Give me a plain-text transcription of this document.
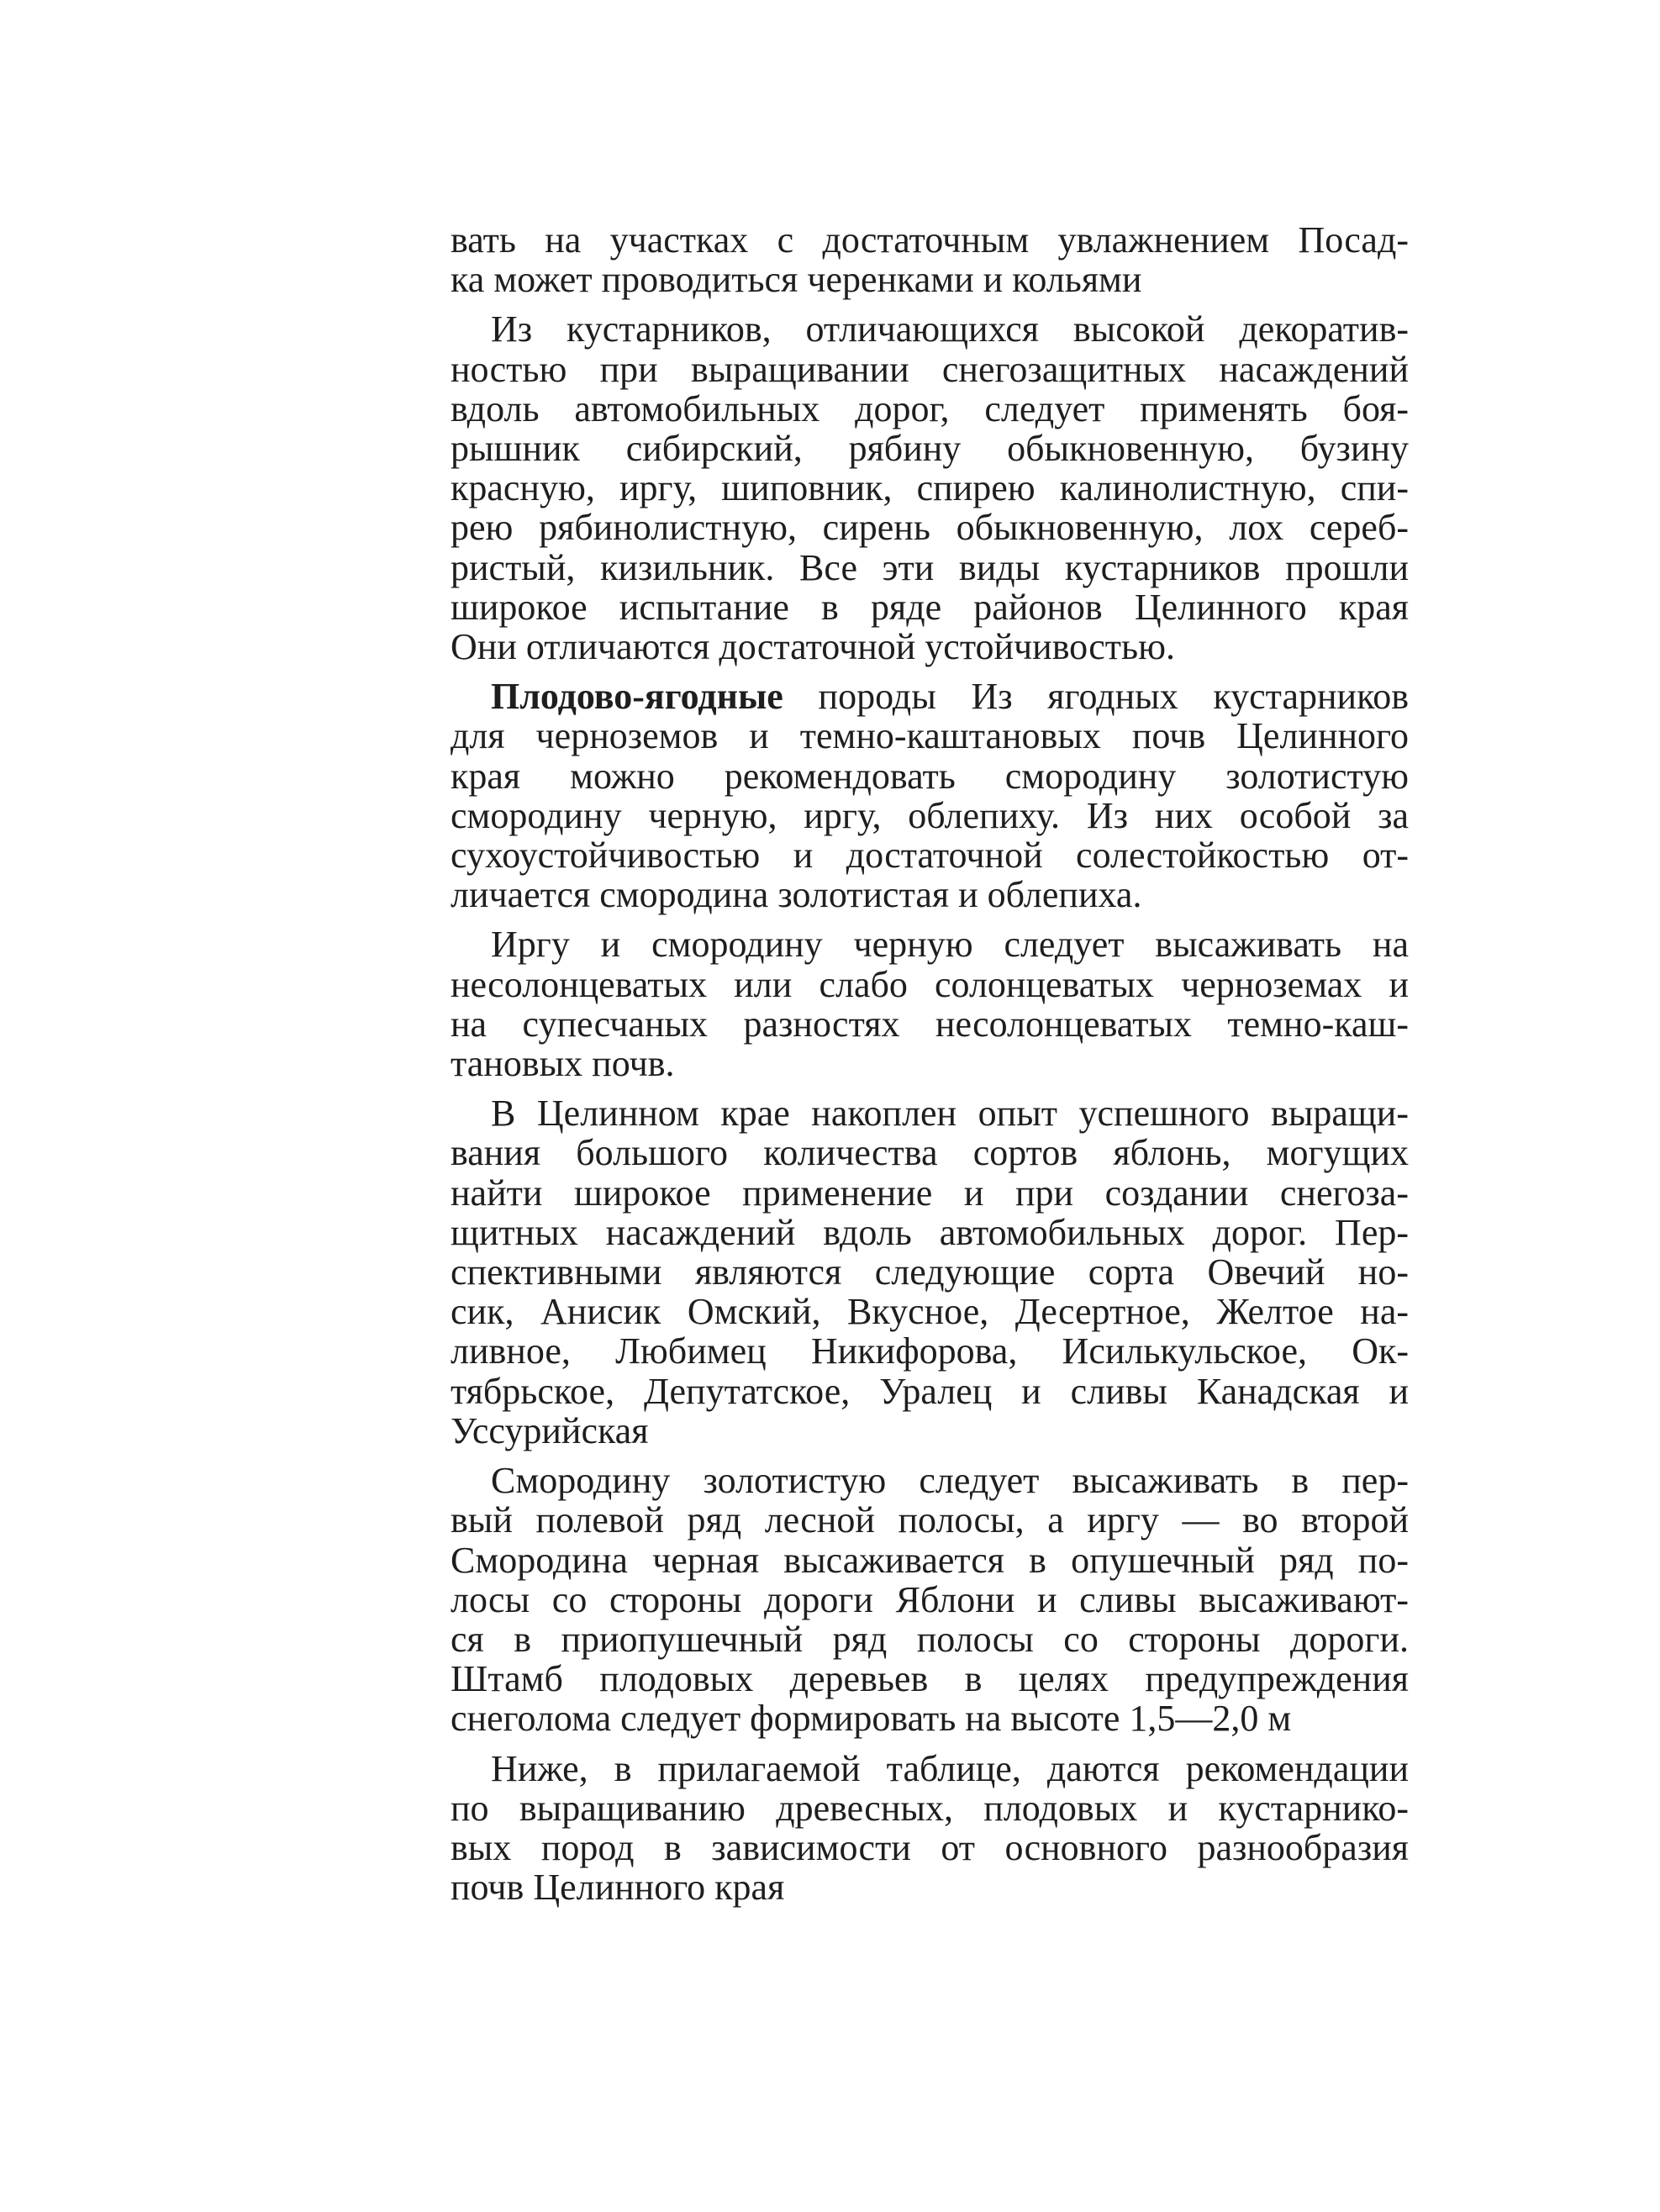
вать на участках с достаточным увлажнением Посад-
ка может проводиться черенками и кольями
Из кустарников, отличающихся высокой декоратив-
ностью при выращивании снегозащитных насаждений
вдоль автомобильных дорог, следует применять боя-
рышник сибирский, рябину обыкновенную, бузину
красную, иргу, шиповник, спирею калинолистную, спи-
рею рябинолистную, сирень обыкновенную, лох сереб-
ристый, кизильник. Все эти виды кустарников прошли
широкое испытание в ряде районов Целинного края
Они отличаются достаточной устойчивостью.
Плодово-ягодные породы Из ягодных кустарников
для черноземов и темно-каштановых почв Целинного
края можно рекомендовать смородину золотистую
смородину черную, иргу, облепиху. Из них особой за
сухоустойчивостью и достаточной солестойкостью от-
личается смородина золотистая и облепиха.
Иргу и смородину черную следует высаживать на
несолонцеватых или слабо солонцеватых черноземах и
на супесчаных разностях несолонцеватых темно-каш-
тановых почв.
В Целинном крае накоплен опыт успешного выращи-
вания большого количества сортов яблонь, могущих
найти широкое применение и при создании снегоза-
щитных насаждений вдоль автомобильных дорог. Пер-
спективными являются следующие сорта Овечий но-
сик, Анисик Омский, Вкусное, Десертное, Желтое на-
ливное, Любимец Никифорова, Исилькульское, Ок-
тябрьское, Депутатское, Уралец и сливы Канадская и
Уссурийская
Смородину золотистую следует высаживать в пер-
вый полевой ряд лесной полосы, а иргу — во второй
Смородина черная высаживается в опушечный ряд по-
лосы со стороны дороги Яблони и сливы высаживают-
ся в приопушечный ряд полосы со стороны дороги.
Штамб плодовых деревьев в целях предупреждения
снеголома следует формировать на высоте 1,5—2,0 м
Ниже, в прилагаемой таблице, даются рекомендации
по выращиванию древесных, плодовых и кустарнико-
вых пород в зависимости от основного разнообразия
почв Целинного края
